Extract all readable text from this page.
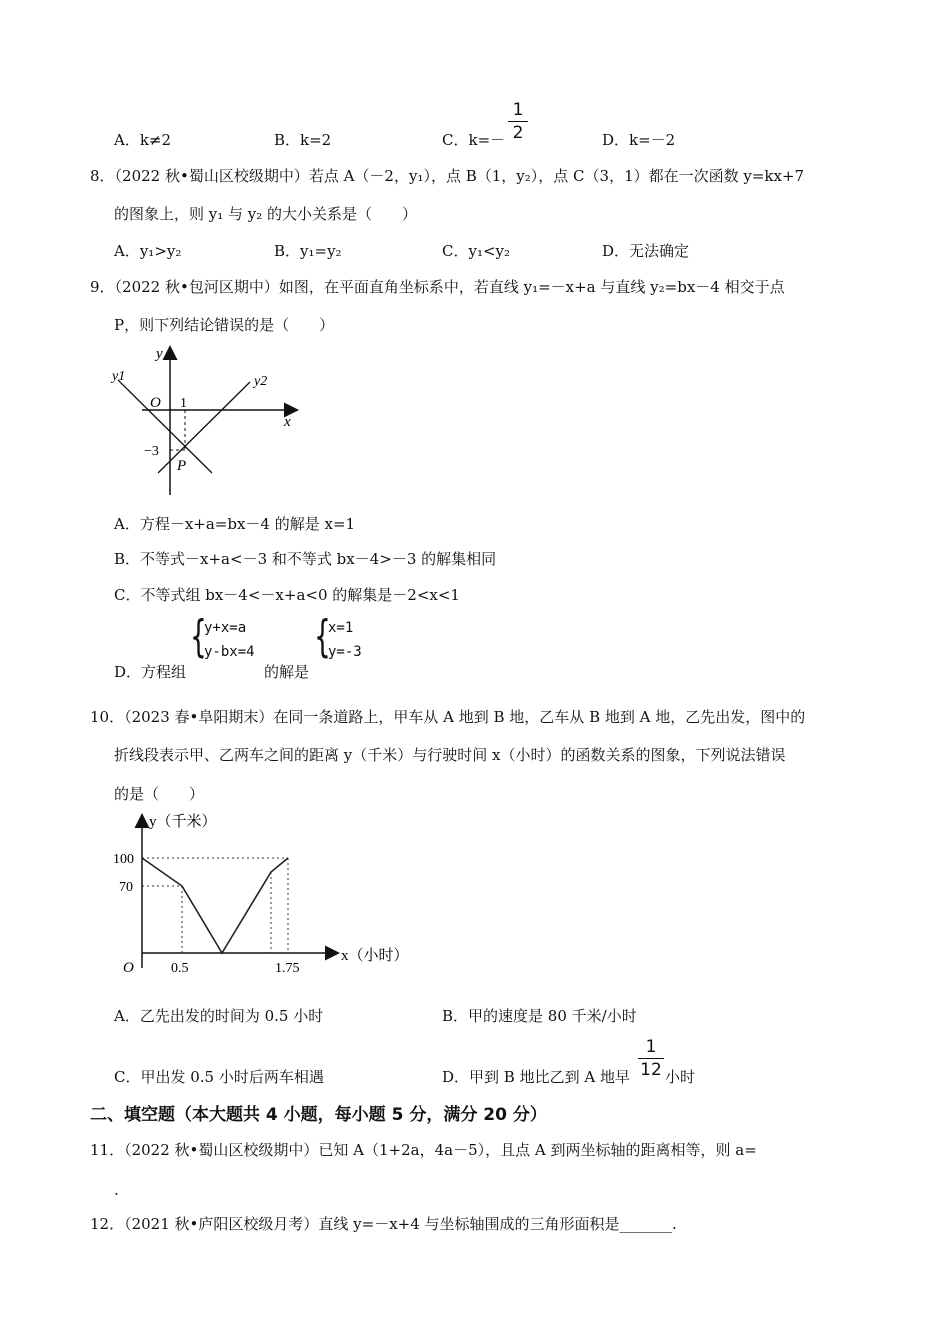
A．k≠2	B．k=2	C．k=－
1
2	D．k=－2
8．（2022 秋•蜀山区校级期中）若点 A（－2，y₁），点 B（1，y₂），点 C（3，1）都在一次函数 y=kx+7
的图象上，则 y₁ 与 y₂ 的大小关系是（　　）
A．y₁>y₂	B．y₁=y₂	C．y₁<y₂	D．无法确定
9．（2022 秋•包河区期中）如图，在平面直角坐标系中，若直线 y₁=－x+a 与直线 y₂=bx－4 相交于点
P，则下列结论错误的是（　　）
y
x
O 1
−3
P
y1	y2
A．方程－x+a=bx－4 的解是 x=1
B．不等式－x+a<－3 和不等式 bx－4>－3 的解集相同
C．不等式组 bx－4<－x+a<0 的解集是－2<x<1
D．方程组
{
y+x=a
y-bx=4
的解是
{
x=1
y=-3
10．（2023 春•阜阳期末）在同一条道路上，甲车从 A 地到 B 地，乙车从 B 地到 A 地，乙先出发，图中的
折线段表示甲、乙两车之间的距离 y（千米）与行驶时间 x（小时）的函数关系的图象，下列说法错误
的是（　　）
y（千米）
x（小时）
O
100
70
0.5	1.75
A．乙先出发的时间为 0.5 小时	B．甲的速度是 80 千米/小时
C．甲出发 0.5 小时后两车相遇	D．甲到 B 地比乙到 A 地早
1
12 小时
二、填空题（本大题共 4 小题，每小题 5 分，满分 20 分）
11．（2022 秋•蜀山区校级期中）已知 A（1+2a，4a－5），且点 A 到两坐标轴的距离相等，则 a=
.
12．（2021 秋•庐阳区校级月考）直线 y=－x+4 与坐标轴围成的三角形面积是_______.
